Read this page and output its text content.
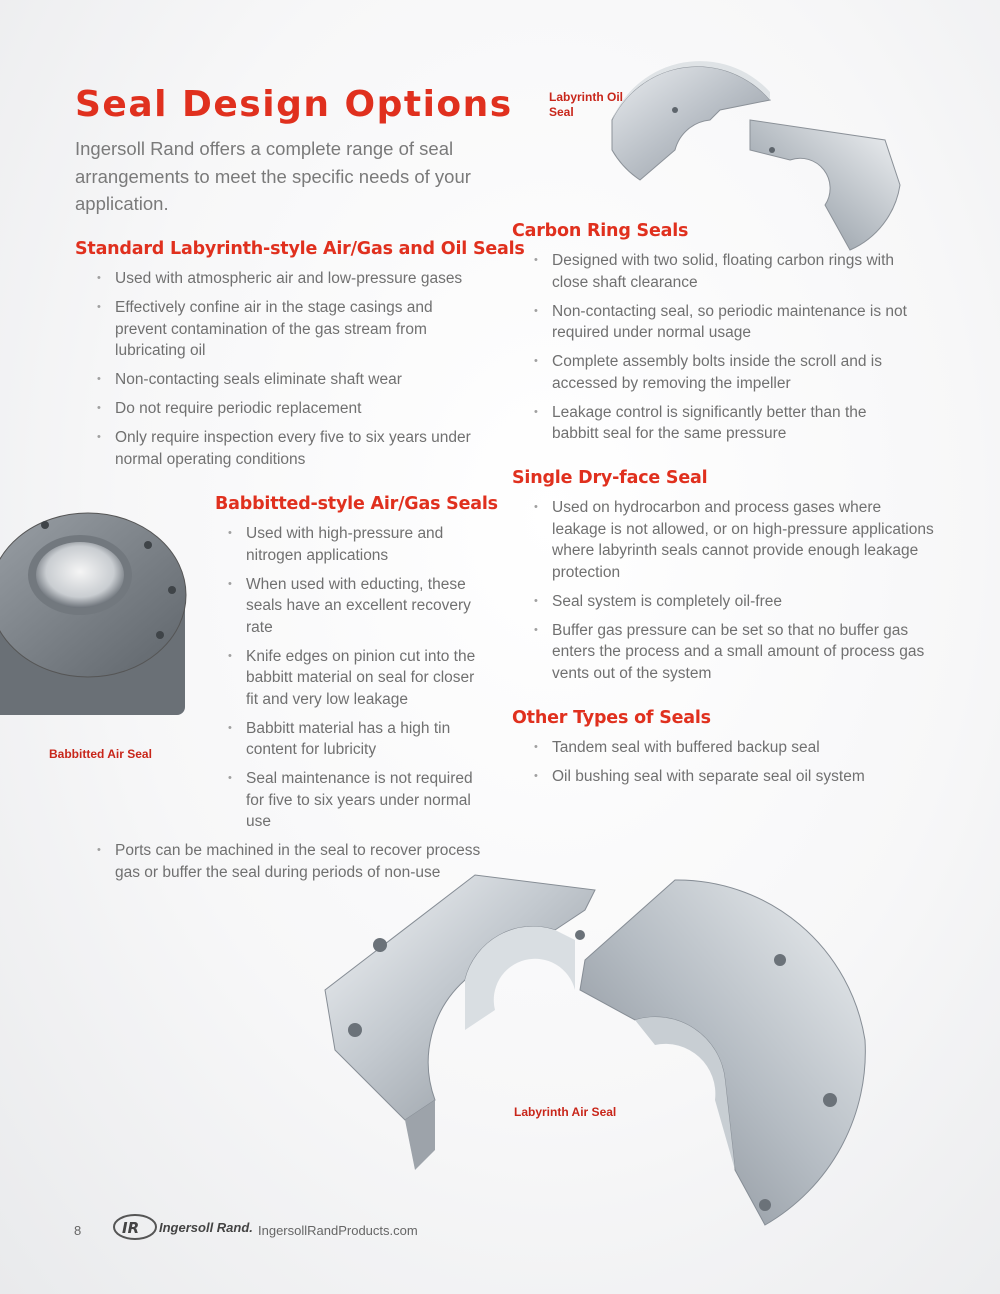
Seal Design Options

Ingersoll Rand offers a complete range of seal arrangements to meet the specific needs of your application.

Labyrinth Oil Seal
Standard Labyrinth-style Air/Gas and Oil Seals
• Used with atmospheric air and low-pressure gases
• Effectively confine air in the stage casings and prevent contamination of the gas stream from lubricating oil
• Non-contacting seals eliminate shaft wear
• Do not require periodic replacement
• Only require inspection every five to six years under normal operating conditions
Babbitted-style Air/Gas Seals
• Used with high-pressure and nitrogen applications
• When used with educting, these seals have an excellent recovery rate
• Knife edges on pinion cut into the babbitt material on seal for closer fit and very low leakage
• Babbitt material has a high tin content for lubricity
• Seal maintenance is not required for five to six years under normal use
• Ports can be machined in the seal to recover process gas or buffer the seal during periods of non-use
Babbitted Air Seal
Carbon Ring Seals
• Designed with two solid, floating carbon rings with close shaft clearance
• Non-contacting seal, so periodic maintenance is not required under normal usage
• Complete assembly bolts inside the scroll and is accessed by removing the impeller
• Leakage control is significantly better than the babbitt seal for the same pressure
Single Dry-face Seal
• Used on hydrocarbon and process gases where leakage is not allowed, or on high-pressure applications where labyrinth seals cannot provide enough leakage protection
• Seal system is completely oil-free
• Buffer gas pressure can be set so that no buffer gas enters the process and a small amount of process gas vents out of the system
Other Types of Seals
• Tandem seal with buffered backup seal
• Oil bushing seal with separate seal oil system
Labyrinth Air Seal
8	IR Ingersoll Rand. IngersollRandProducts.com
